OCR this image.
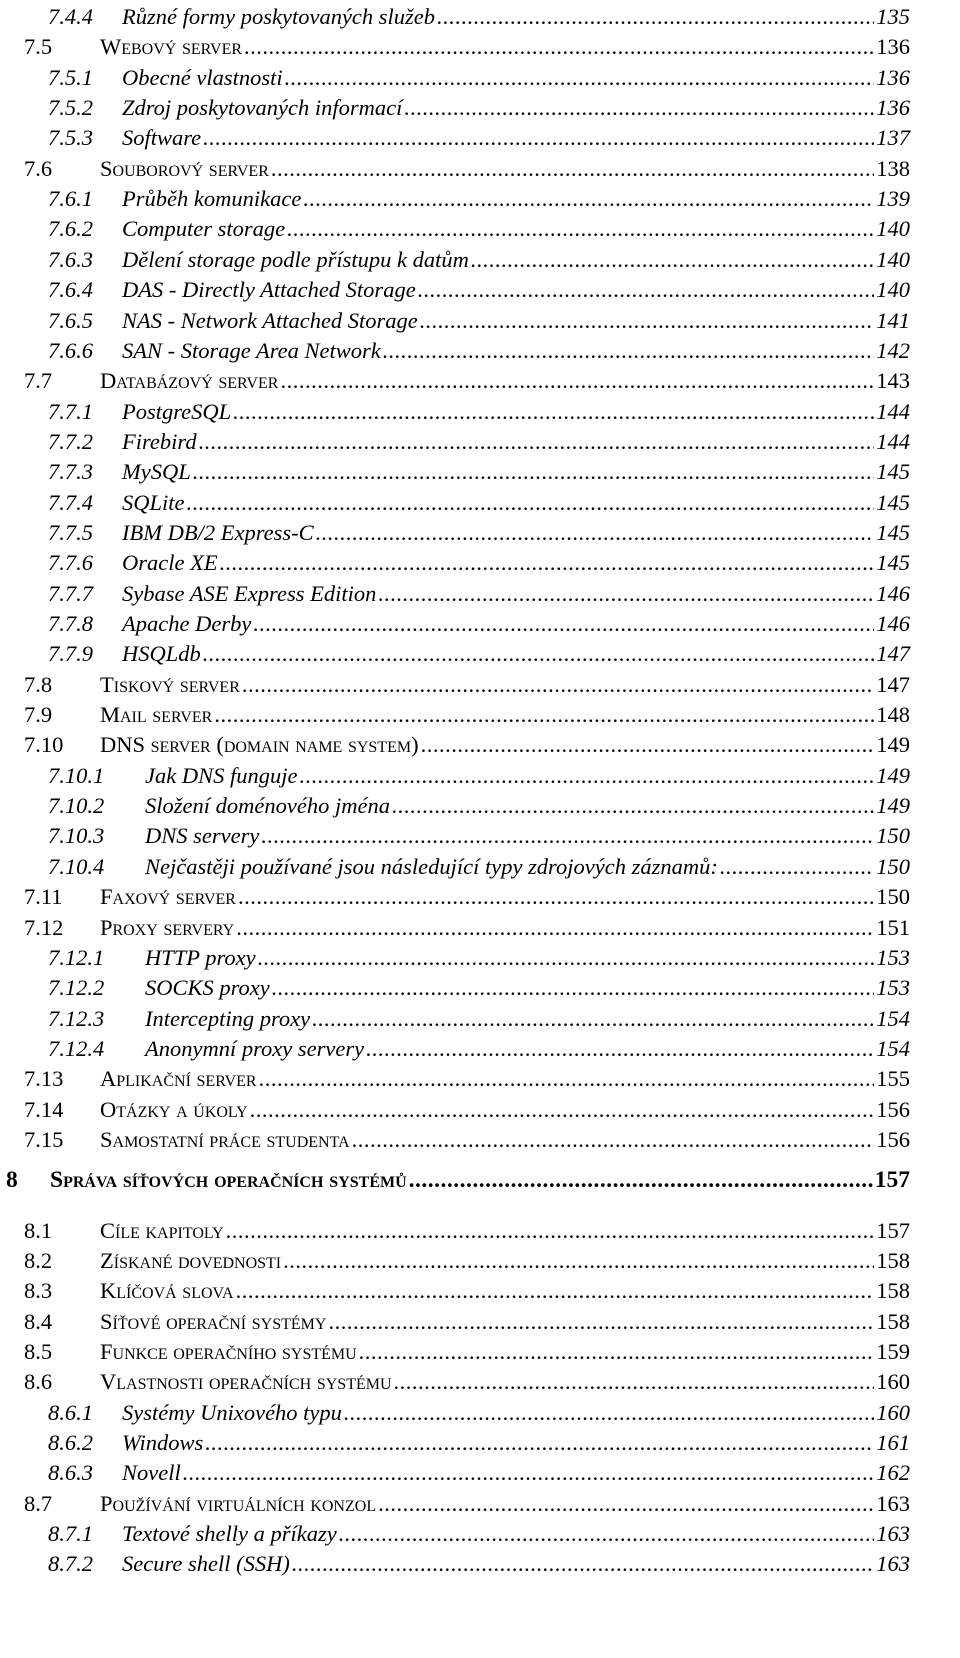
7.4.4	Různé formy poskytovaných služeb .....	135
7.5	Webový server .....	136
7.5.1	Obecné vlastnosti .....	136
7.5.2	Zdroj poskytovaných informací .....	136
7.5.3	Software .....	137
7.6	Souborový server .....	138
7.6.1	Průběh komunikace .....	139
7.6.2	Computer storage .....	140
7.6.3	Dělení storage podle přístupu k datům .....	140
7.6.4	DAS - Directly Attached Storage .....	140
7.6.5	NAS - Network Attached Storage .....	141
7.6.6	SAN - Storage Area Network .....	142
7.7	Databázový server .....	143
7.7.1	PostgreSQL .....	144
7.7.2	Firebird .....	144
7.7.3	MySQL .....	145
7.7.4	SQLite .....	145
7.7.5	IBM DB/2 Express-C .....	145
7.7.6	Oracle XE .....	145
7.7.7	Sybase ASE Express Edition .....	146
7.7.8	Apache Derby .....	146
7.7.9	HSQLdb .....	147
7.8	Tiskový server .....	147
7.9	Mail server .....	148
7.10	DNS server (domain name system) .....	149
7.10.1	Jak DNS funguje .....	149
7.10.2	Složení doménového jména .....	149
7.10.3	DNS servery .....	150
7.10.4	Nejčastěji používané jsou následující typy zdrojových záznamů: .....	150
7.11	Faxový server .....	150
7.12	Proxy servery .....	151
7.12.1	HTTP proxy .....	153
7.12.2	SOCKS proxy .....	153
7.12.3	Intercepting proxy .....	154
7.12.4	Anonymní proxy servery .....	154
7.13	Aplikační server .....	155
7.14	Otázky a úkoly .....	156
7.15	Samostatní práce studenta .....	156
8	Správa síťových operačních systémů .....	157
8.1	Cíle kapitoly .....	157
8.2	Získané dovednosti .....	158
8.3	Klíčová slova .....	158
8.4	Síťové operační systémy .....	158
8.5	Funkce operačního systému .....	159
8.6	Vlastnosti operačních systému .....	160
8.6.1	Systémy Unixového typu .....	160
8.6.2	Windows .....	161
8.6.3	Novell .....	162
8.7	Používání virtuálních konzol .....	163
8.7.1	Textové shelly a příkazy .....	163
8.7.2	Secure shell (SSH) .....	163
